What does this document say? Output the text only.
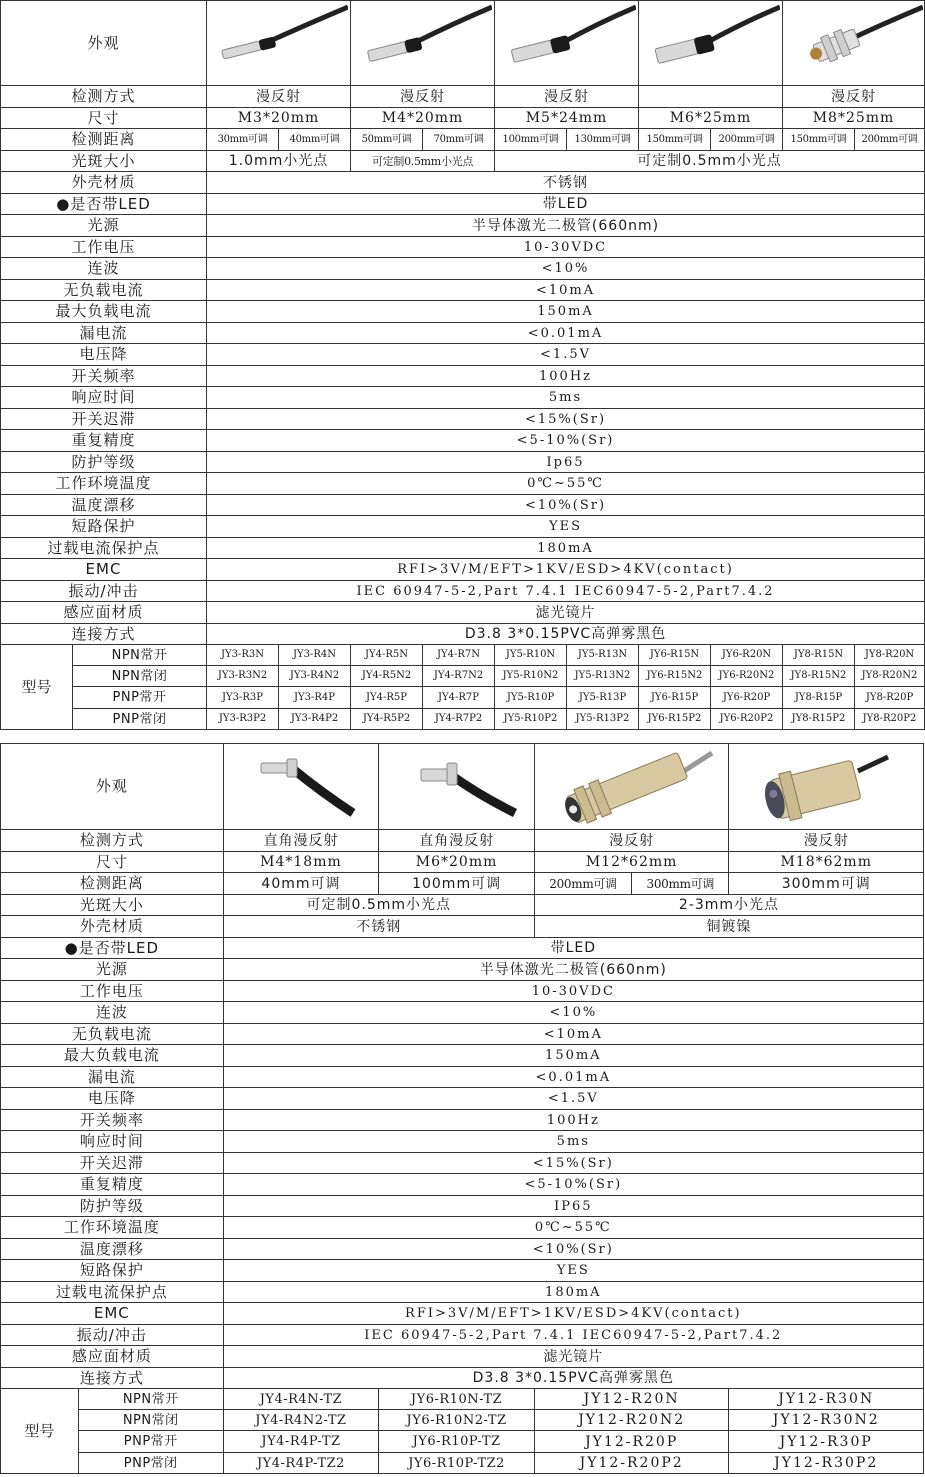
外观	

检测方式		漫反射		漫反射		漫反射				漫反射	
尺寸		M3*20mm		M4*20mm		M5*24mm		M6*25mm		M8*25mm	
检测距离		30mm可调	40mm可调	50mm可调	70mm可调	100mm可调	130mm可调	150mm可调	200mm可调	150mm可调	200mm可调
光斑大小		1.0mm小光点		可定制0.5mm小光点		可定制0.5mm小光点					
外壳材质		不锈钢									
●是否带LED		带LED									
光源		半导体激光二极管(660nm)									
工作电压		10-30VDC									
连波		<10%									
无负载电流		<10mA									
最大负载电流		150mA									
漏电流		<0.01mA									
电压降		<1.5V									
开关频率		100Hz									
响应时间		5ms									
开关迟滞		<15%(Sr)									
重复精度		<5-10%(Sr)									
防护等级		Ip65									
工作环境温度		0℃~55℃									
温度漂移		<10%(Sr)									
短路保护		YES									
过载电流保护点		180mA									
EMC		RFI>3V/M/EFT>1KV/ESD>4KV(contact)									
振动/冲击		IEC 60947-5-2,Part 7.4.1 IEC60947-5-2,Part7.4.2									
感应面材质		滤光镜片									
连接方式		D3.8 3*0.15PVC高弹雾黑色									
型号	NPN常开	JY3-R3N	JY3-R4N	JY4-R5N	JY4-R7N	JY5-R10N	JY5-R13N	JY6-R15N	JY6-R20N	JY8-R15N	JY8-R20N
	NPN常闭	JY3-R3N2	JY3-R4N2	JY4-R5N2	JY4-R7N2	JY5-R10N2	JY5-R13N2	JY6-R15N2	JY6-R20N2	JY8-R15N2	JY8-R20N2
	PNP常开	JY3-R3P	JY3-R4P	JY4-R5P	JY4-R7P	JY5-R10P	JY5-R13P	JY6-R15P	JY6-R20P	JY8-R15P	JY8-R20P
	PNP常闭	JY3-R3P2	JY3-R4P2	JY4-R5P2	JY4-R7P2	JY5-R10P2	JY5-R13P2	JY6-R15P2	JY6-R20P2	JY8-R15P2	JY8-R20P2
外观	

检测方式		直角漫反射	直角漫反射	漫反射		漫反射
尺寸		M4*18mm	M6*20mm	M12*62mm		M18*62mm
检测距离		40mm可调	100mm可调	200mm可调	300mm可调	300mm可调
光斑大小		可定制0.5mm小光点		2-3mm小光点		
外壳材质		不锈钢		铜镀镍		
●是否带LED		带LED				
光源		半导体激光二极管(660nm)				
工作电压		10-30VDC				
连波		<10%				
无负载电流		<10mA				
最大负载电流		150mA				
漏电流		<0.01mA				
电压降		<1.5V				
开关频率		100Hz				
响应时间		5ms				
开关迟滞		<15%(Sr)				
重复精度		<5-10%(Sr)				
防护等级		IP65				
工作环境温度		0℃~55℃				
温度漂移		<10%(Sr)				
短路保护		YES				
过载电流保护点		180mA				
EMC		RFI>3V/M/EFT>1KV/ESD>4KV(contact)				
振动/冲击		IEC 60947-5-2,Part 7.4.1 IEC60947-5-2,Part7.4.2				
感应面材质		滤光镜片				
连接方式		D3.8 3*0.15PVC高弹雾黑色				
型号	NPN常开	JY4-R4N-TZ	JY6-R10N-TZ	JY12-R20N		JY12-R30N
	NPN常闭	JY4-R4N2-TZ	JY6-R10N2-TZ	JY12-R20N2		JY12-R30N2
	PNP常开	JY4-R4P-TZ	JY6-R10P-TZ	JY12-R20P		JY12-R30P
	PNP常闭	JY4-R4P-TZ2	JY6-R10P-TZ2	JY12-R20P2		JY12-R30P2
